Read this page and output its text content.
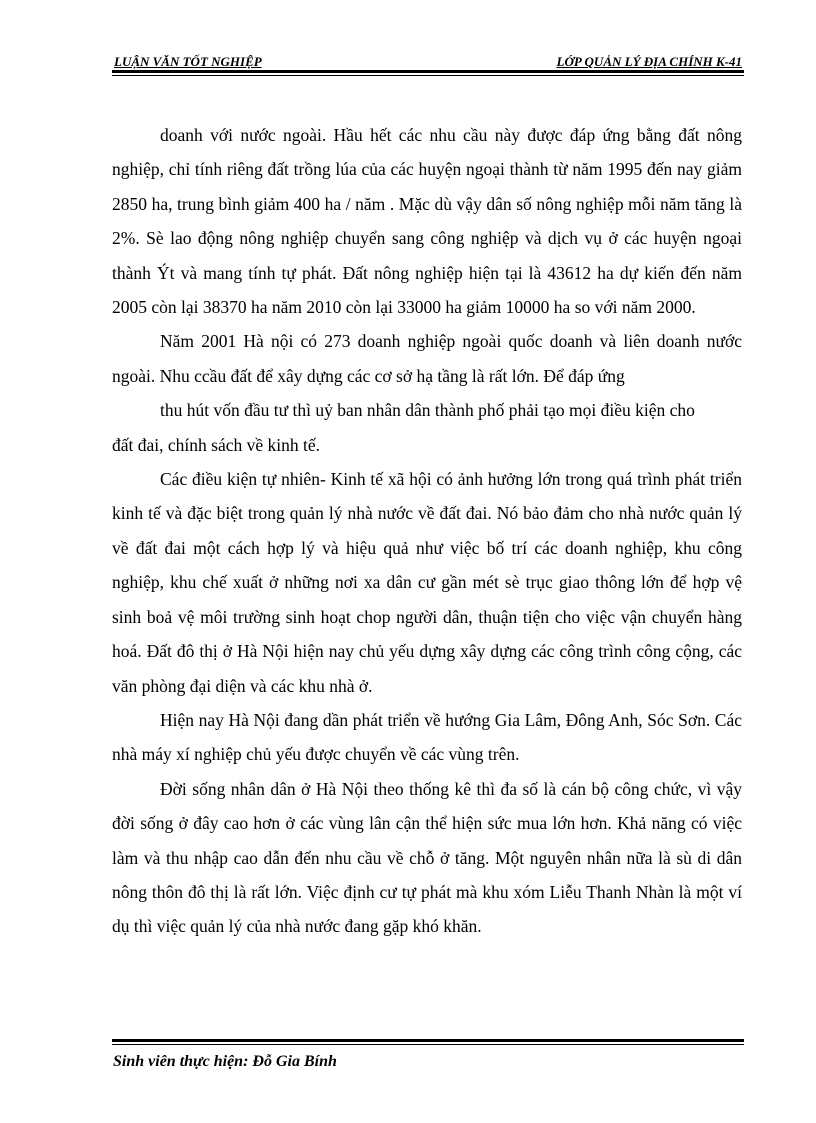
LUẬN VĂN TỐT NGHIỆP	LỚP QUẢN LÝ ĐỊA CHÍNH K-41

doanh với nước ngoài. Hầu hết các nhu cầu này được đáp ứng bằng đất nông nghiệp, chỉ tính riêng đất trồng lúa của các huyện ngoại thành từ năm 1995 đến nay giảm 2850 ha, trung bình giảm 400 ha / năm . Mặc dù vậy dân số nông nghiệp mỗi năm tăng là 2%. Sè lao động nông nghiệp chuyển sang công nghiệp và dịch vụ ở các huyện ngoại thành Ýt và mang tính tự phát. Đất nông nghiệp hiện tại là 43612 ha dự kiến đến năm 2005 còn lại 38370 ha năm 2010 còn lại 33000 ha giảm 10000 ha so với năm 2000.

Năm 2001 Hà nội có 273 doanh nghiệp ngoài quốc doanh và liên doanh nước ngoài. Nhu ccầu đất để xây dựng các cơ sở hạ tầng là rất lớn. Để đáp ứng

thu hút vốn đầu tư thì uỷ ban nhân dân thành phố phải tạo mọi điều kiện cho

đất đai, chính sách về kinh tế.

Các điều kiện tự nhiên- Kinh tế xã hội có ảnh hưởng lớn trong quá trình phát triển kinh tế và đặc biệt trong quản lý nhà nước về đất đai. Nó bảo đảm cho nhà nước quản lý về đất đai một cách hợp lý và hiệu quả như việc bố trí các doanh nghiệp, khu công nghiệp, khu chế xuất ở những nơi xa dân cư gần mét sè trục giao thông lớn để hợp vệ sinh boả vệ môi trường sinh hoạt chop người dân, thuận tiện cho việc vận chuyển hàng hoá. Đất đô thị ở Hà Nội hiện nay chủ yếu dựng xây dựng các công trình công cộng, các văn phòng đại diện và các khu nhà ở.

Hiện nay Hà Nội đang dần phát triển về hướng Gia Lâm, Đông Anh, Sóc Sơn. Các nhà máy xí nghiệp chủ yếu được chuyển về các vùng trên.

Đời sống nhân dân ở Hà Nội theo thống kê thì đa số là cán bộ công chức, vì vậy đời sống ở đây cao hơn ở các vùng lân cận thể hiện sức mua lớn hơn. Khả năng có việc làm và thu nhập cao dẫn đến nhu cầu về chỗ ở tăng. Một nguyên nhân nữa là sù di dân nông thôn đô thị là rất lớn. Việc định cư tự phát mà khu xóm Liễu Thanh Nhàn là một ví dụ thì việc quản lý của nhà nước đang gặp khó khăn.

Sinh viên thực hiện: Đỗ Gia Bính
